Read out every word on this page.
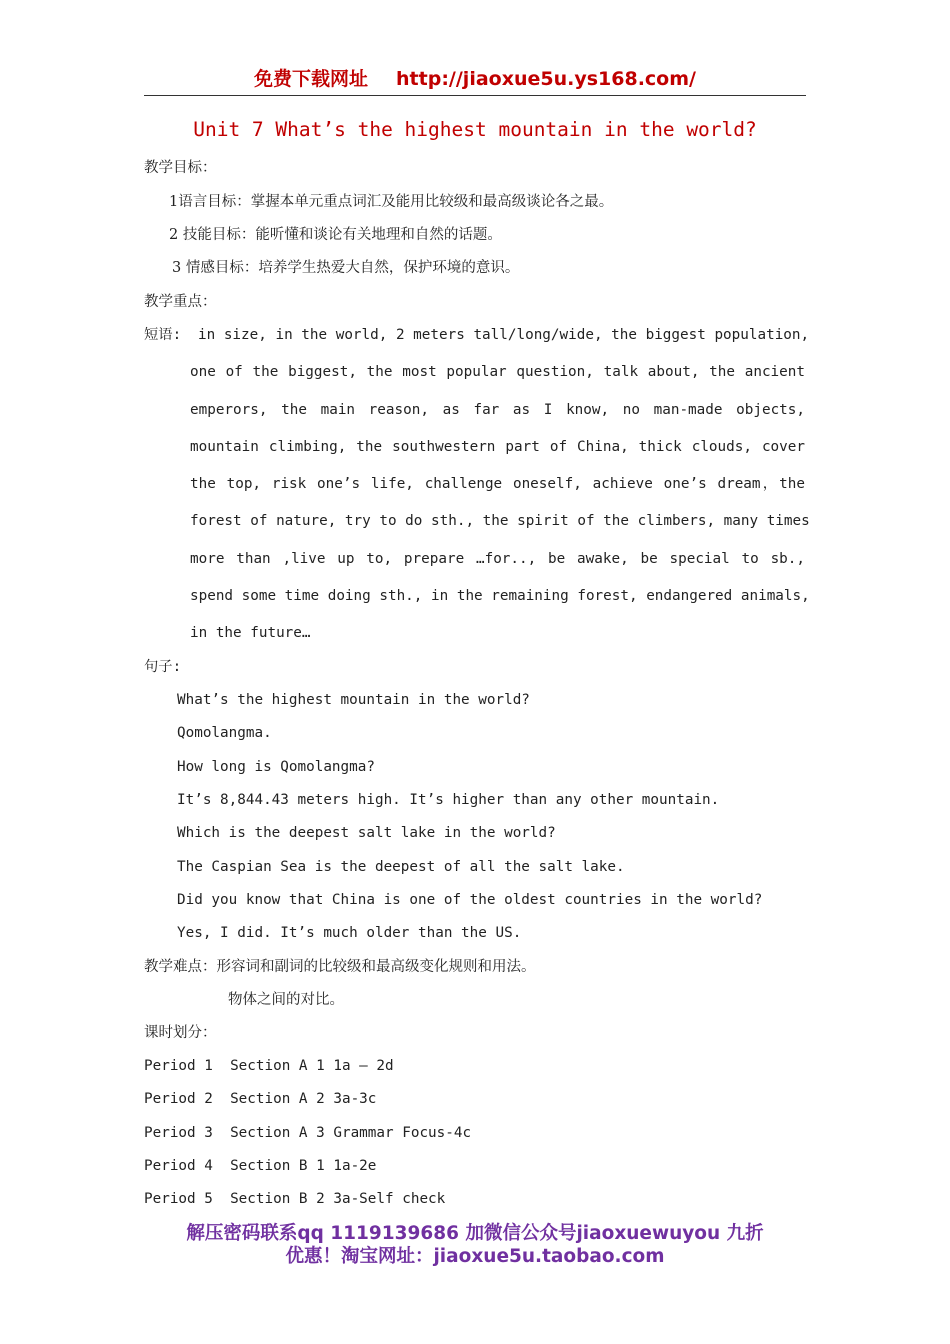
免费下载网址 http://jiaoxue5u.ys168.com/
Unit 7 What’s the highest mountain in the world?
教学目标：
1语言目标：掌握本单元重点词汇及能用比较级和最高级谈论各之最。
2 技能目标：能听懂和谈论有关地理和自然的话题。
3 情感目标：培养学生热爱大自然，保护环境的意识。
教学重点：
短语: in size, in the world, 2 meters tall/long/wide, the biggest population,
one of the biggest, the most popular question, talk about, the ancient
emperors, the main reason, as far as I know, no man-made objects,
mountain climbing, the southwestern part of China, thick clouds, cover
the top, risk one’s life, challenge oneself, achieve one’s dream，the
forest of nature, try to do sth., the spirit of the climbers, many times
more than ,live up to, prepare …for.., be awake, be special to sb.,
spend some time doing sth., in the remaining forest, endangered animals,
in the future…
句子:
What’s the highest mountain in the world?
Qomolangma.
How long is Qomolangma?
It’s 8,844.43 meters high. It’s higher than any other mountain.
Which is the deepest salt lake in the world?
The Caspian Sea is the deepest of all the salt lake.
Did you know that China is one of the oldest countries in the world?
Yes, I did. It’s much older than the US.
教学难点：形容词和副词的比较级和最高级变化规则和用法。
物体之间的对比。
课时划分：
Period 1  Section A 1 1a – 2d
Period 2  Section A 2 3a-3c
Period 3  Section A 3 Grammar Focus-4c
Period 4  Section B 1 1a-2e
Period 5  Section B 2 3a-Self check
解压密码联系qq 1119139686 加微信公众号jiaoxuewuyou 九折
优惠！淘宝网址：jiaoxue5u.taobao.com
